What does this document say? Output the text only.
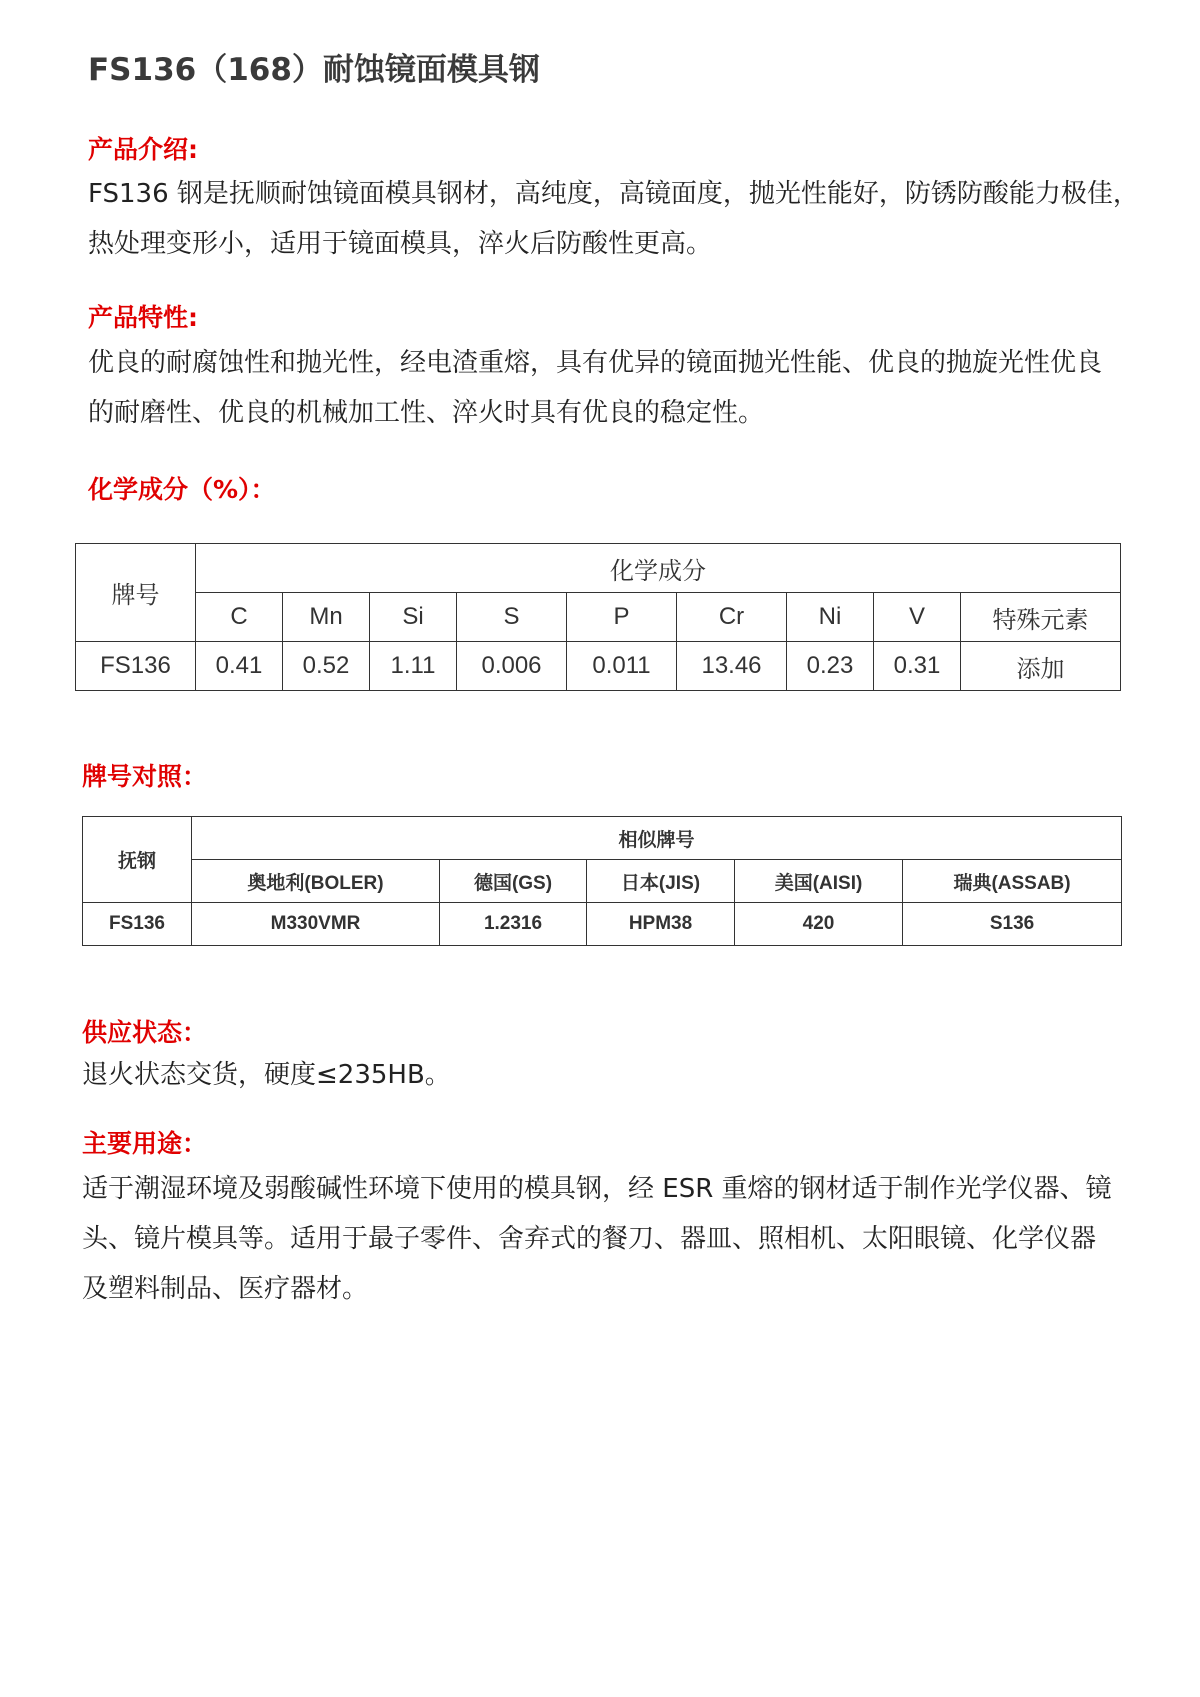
FS136（168）耐蚀镜面模具钢
产品介绍:
FS136 钢是抚顺耐蚀镜面模具钢材，高纯度，高镜面度，抛光性能好，防锈防酸能力极佳，
热处理变形小，适用于镜面模具，淬火后防酸性更高。
产品特性:
优良的耐腐蚀性和抛光性，经电渣重熔，具有优异的镜面抛光性能、优良的抛旋光性优良
的耐磨性、优良的机械加工性、淬火时具有优良的稳定性。
化学成分（%）：
牌号	化学成分								
	C	Mn	Si	S	P	Cr	Ni	V	特殊元素
FS136	0.41	0.52	1.11	0.006	0.011	13.46	0.23	0.31	添加
牌号对照：
抚钢	相似牌号				
	奥地利(BOLER)	德国(GS)	日本(JIS)	美国(AISI)	瑞典(ASSAB)
FS136	M330VMR	1.2316	HPM38	420	S136
供应状态：
退火状态交货，硬度≤235HB。
主要用途：
适于潮湿环境及弱酸碱性环境下使用的模具钢，经 ESR 重熔的钢材适于制作光学仪器、镜
头、镜片模具等。适用于最子零件、舍弃式的餐刀、器皿、照相机、太阳眼镜、化学仪器
及塑料制品、医疗器材。
